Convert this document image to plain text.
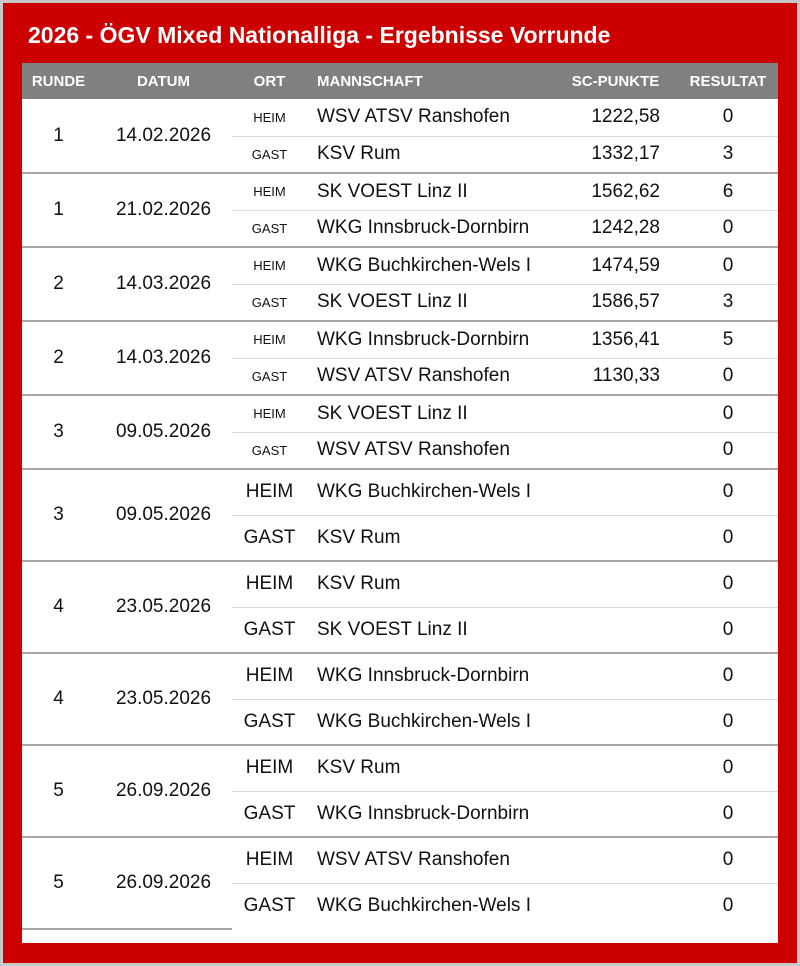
2026 - ÖGV Mixed Nationalliga - Ergebnisse Vorrunde
RUNDE	DATUM	ORT	MANNSCHAFT	SC-PUNKTE	RESULTAT
1	14.02.2026	HEIM	WSV ATSV Ranshofen	1222,58	0
		GAST	KSV Rum	1332,17	3
1	21.02.2026	HEIM	SK VOEST Linz II	1562,62	6
		GAST	WKG Innsbruck-Dornbirn	1242,28	0
2	14.03.2026	HEIM	WKG Buchkirchen-Wels I	1474,59	0
		GAST	SK VOEST Linz II	1586,57	3
2	14.03.2026	HEIM	WKG Innsbruck-Dornbirn	1356,41	5
		GAST	WSV ATSV Ranshofen	1130,33	0
3	09.05.2026	HEIM	SK VOEST Linz II		0
		GAST	WSV ATSV Ranshofen		0
3	09.05.2026	HEIM	WKG Buchkirchen-Wels I		0
		GAST	KSV Rum		0
4	23.05.2026	HEIM	KSV Rum		0
		GAST	SK VOEST Linz II		0
4	23.05.2026	HEIM	WKG Innsbruck-Dornbirn		0
		GAST	WKG Buchkirchen-Wels I		0
5	26.09.2026	HEIM	KSV Rum		0
		GAST	WKG Innsbruck-Dornbirn		0
5	26.09.2026	HEIM	WSV ATSV Ranshofen		0
		GAST	WKG Buchkirchen-Wels I		0
